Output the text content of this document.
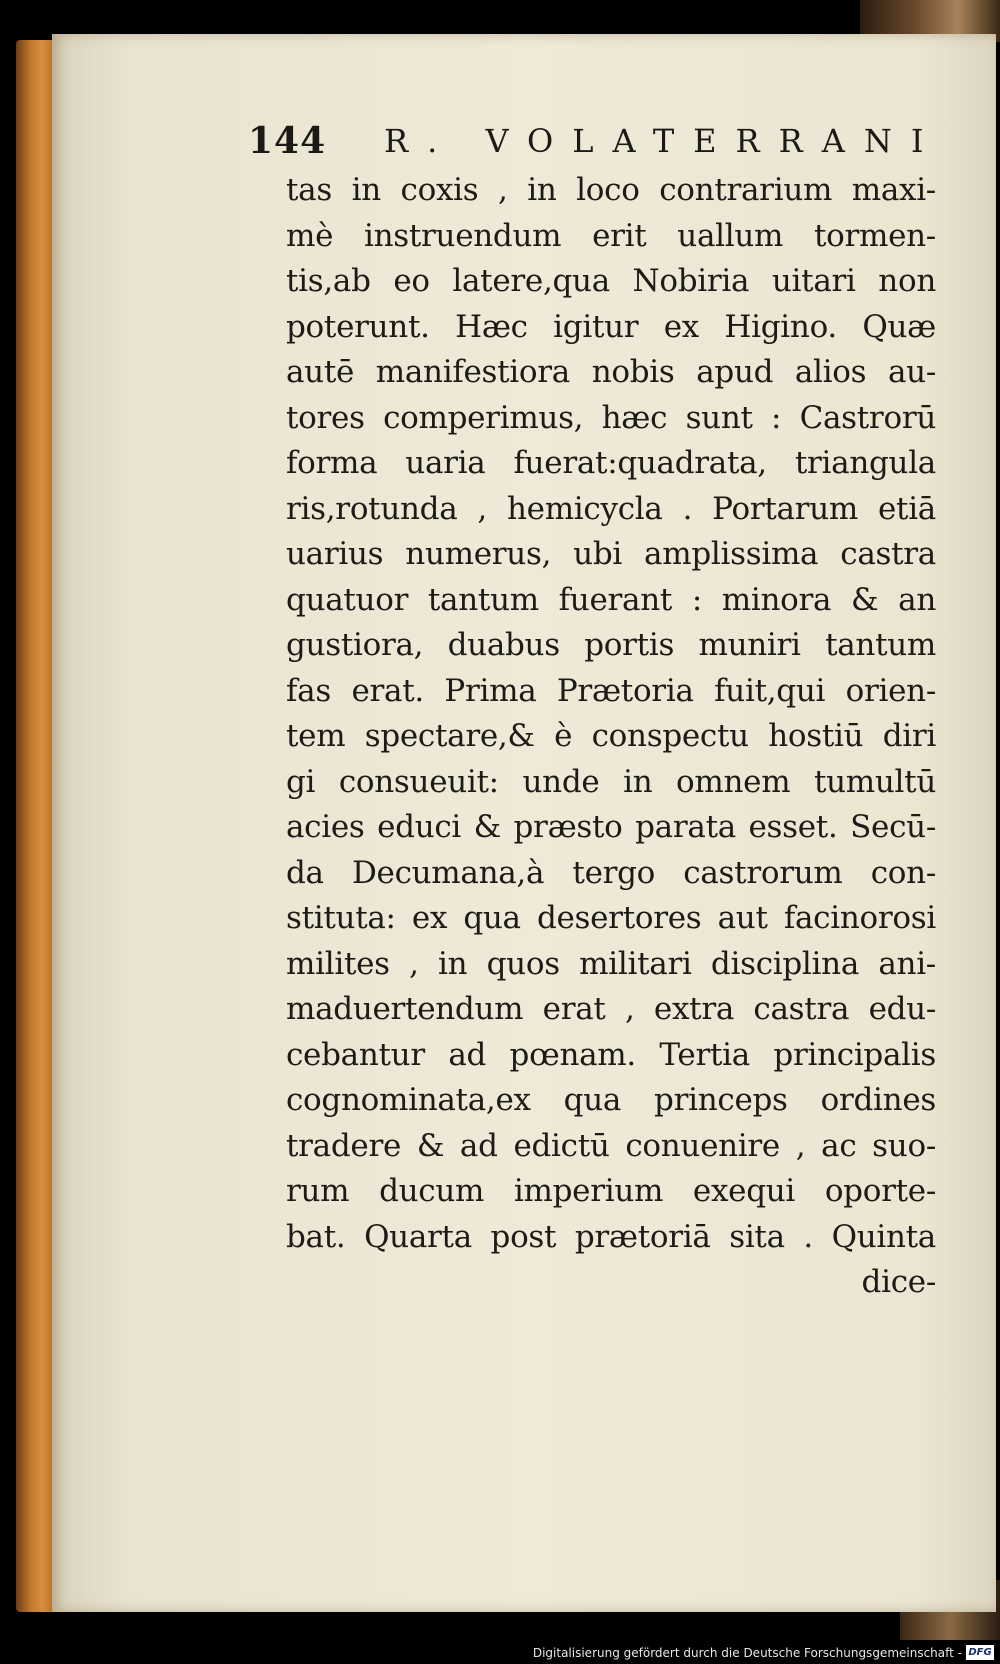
144 R. VOLATERRANI
tas in coxis , in loco contrarium maxi-
mè instruendum erit uallum tormen-
tis,ab eo latere,qua Nobiria uitari non
poterunt. Hæc igitur ex Higino. Quæ
autē manifestiora nobis apud alios au-
tores comperimus, hæc sunt : Castrorū
forma uaria fuerat:quadrata, triangula
ris,rotunda , hemicycla . Portarum etiā
uarius numerus, ubi amplissima castra
quatuor tantum fuerant : minora & an
gustiora, duabus portis muniri tantum
fas erat. Prima Prætoria fuit,qui orien-
tem spectare,& è conspectu hostiū diri
gi consueuit: unde in omnem tumultū
acies educi & præsto parata esset. Secū-
da Decumana,à tergo castrorum con-
stituta: ex qua desertores aut facinorosi
milites , in quos militari disciplina ani-
maduertendum erat , extra castra edu-
cebantur ad pœnam. Tertia principalis
cognominata,ex qua princeps ordines
tradere & ad edictū conuenire , ac suo-
rum ducum imperium exequi oporte-
bat. Quarta post prætoriā sita . Quinta
dice-
Digitalisierung gefördert durch die Deutsche Forschungsgemeinschaft - DFG
